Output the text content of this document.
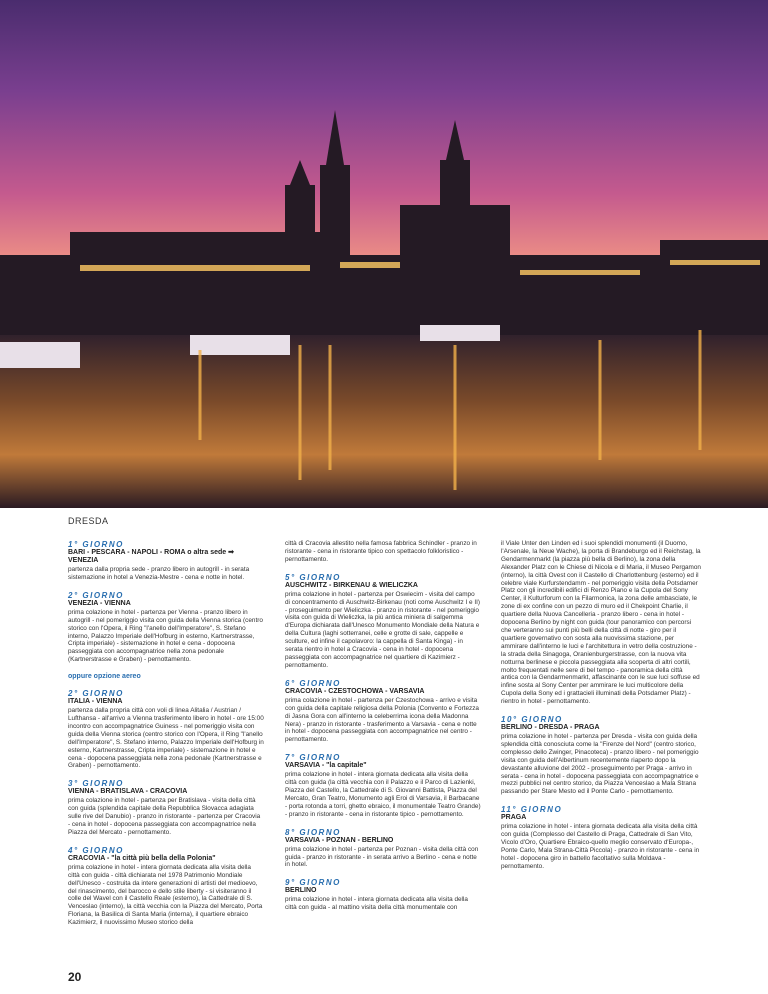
DRESDA
1° GIORNO
BARI - PESCARA - NAPOLI - ROMA o altra sede ➡ VENEZIA
partenza dalla propria sede - pranzo libero in autogrill - in serata sistemazione in hotel a Venezia-Mestre - cena e notte in hotel.
2° GIORNO
VENEZIA - VIENNA
prima colazione in hotel - partenza per Vienna - pranzo libero in autogrill - nel pomeriggio visita con guida della Vienna storica (centro storico con l'Opera, il Ring "l'anello dell'Imperatore", S. Stefano interno, Palazzo Imperiale dell'Hofburg in esterno, Kartnerstrasse, Cripta imperiale) - sistemazione in hotel e cena - dopocena passeggiata con accompagnatrice nella zona pedonale (Kartnerstrasse e Graben) - pernottamento.
oppure opzione aereo
2° GIORNO
ITALIA - VIENNA
partenza dalla propria città con voli di linea Alitalia / Austrian / Lufthansa - all'arrivo a Vienna trasferimento libero in hotel - ore 15:00 incontro con accompagnatrice Guiness - nel pomeriggio visita con guida della Vienna storica (centro storico con l'Opera, il Ring "l'anello dell'Imperatore", S. Stefano interno, Palazzo Imperiale dell'Hofburg in esterno, Kartnerstrasse, Cripta imperiale) - sistemazione in hotel e cena - dopocena passeggiata nella zona pedonale (Kartnerstrasse e Graben) - pernottamento.
3° GIORNO
VIENNA - BRATISLAVA - CRACOVIA
prima colazione in hotel - partenza per Bratislava - visita della città con guida (splendida capitale della Repubblica Slovacca adagiata sulle rive del Danubio) - pranzo in ristorante - partenza per Cracovia - cena in hotel - dopocena passeggiata con accompagnatrice nella Piazza del Mercato - pernottamento.
4° GIORNO
CRACOVIA - "la città più bella della Polonia"
prima colazione in hotel - intera giornata dedicata alla visita della città con guida - città dichiarata nel 1978 Patrimonio Mondiale dell'Unesco - costruita da intere generazioni di artisti del medioevo, del rinascimento, del barocco e dello stile liberty - si visiteranno il colle del Wavel con il Castello Reale (esterno), la Cattedrale di S. Venceslao (interno), la città vecchia con la Piazza del Mercato, Porta Floriana, la Basilica di Santa Maria (interna), il quartiere ebraico Kazimierz, il nuovissimo Museo storico della
città di Cracovia allestito nella famosa fabbrica Schindler - pranzo in ristorante - cena in ristorante tipico con spettacolo folkloristico - pernottamento.
5° GIORNO
AUSCHWITZ - BIRKENAU & WIELICZKA
prima colazione in hotel - partenza per Oswiecim - visita del campo di concentramento di Auschwitz-Birkenau (noti come Auschwitz I e II) - proseguimento per Wieliczka - pranzo in ristorante - nel pomeriggio visita con guida di Wieliczka, la più antica miniera di salgemma d'Europa dichiarata dall'Unesco Monumento Mondiale della Natura e della Cultura (laghi sotterranei, celle e grotte di sale, cappelle e sculture, ed infine il capolavoro: la cappella di Santa Kinga) - in serata rientro in hotel a Cracovia - cena in hotel - dopocena passeggiata con accompagnatrice nel quartiere di Kazimierz - pernottamento.
6° GIORNO
CRACOVIA - CZESTOCHOWA - VARSAVIA
prima colazione in hotel - partenza per Czestochowa - arrivo e visita con guida della capitale religiosa della Polonia (Convento e Fortezza di Jasna Gora con all'interno la celeberrima icona della Madonna Nera) - pranzo in ristorante - trasferimento a Varsavia - cena e notte in hotel - dopocena passeggiata con accompagnatrice nel centro - pernottamento.
7° GIORNO
VARSAVIA - "la capitale"
prima colazione in hotel - intera giornata dedicata alla visita della città con guida (la città vecchia con il Palazzo e il Parco di Lazienki, Piazza del Castello, la Cattedrale di S. Giovanni Battista, Piazza del Mercato, Gran Teatro, Monumento agli Eroi di Varsavia, il Barbacane - porta rotonda a torri, ghetto ebraico, il monumentale Teatro Grande) - pranzo in ristorante - cena in ristorante tipico - pernottamento.
8° GIORNO
VARSAVIA - POZNAN - BERLINO
prima colazione in hotel - partenza per Poznan - visita della città con guida - pranzo in ristorante - in serata arrivo a Berlino - cena e notte in hotel.
9° GIORNO
BERLINO
prima colazione in hotel - intera giornata dedicata alla visita della città con guida - al mattino visita della città monumentale con
il Viale Unter den Linden ed i suoi splendidi monumenti (il Duomo, l'Arsenale, la Neue Wache), la porta di Brandeburgo ed il Reichstag, la Gendarmenmarkt (la piazza più bella di Berlino), la zona della Alexander Platz con le Chiese di Nicola e di Maria, il Museo Pergamon (interno), la città Ovest con il Castello di Charlottenburg (esterno) ed il celebre viale Kurfurstendamm - nel pomeriggio visita della Potsdamer Platz con gli incredibili edifici di Renzo Piano e la Cupola del Sony Center, il Kulturforum con la Filarmonica, la zona delle ambasciate, le zone di ex confine con un pezzo di muro ed il Chekpoint Charlie, il quartiere della Nuova Cancelleria - pranzo libero - cena in hotel - dopocena Berlino by night con guida (tour panoramico con percorsi che verteranno sui punti più belli della città di notte - giro per il quartiere governativo con sosta alla nuovissima stazione, per ammirare dall'interno le luci e l'architettura in vetro della costruzione - la strada della Sinagoga, Oranienburgerstrasse, con la nuova vita notturna berlinese e piccola passeggiata alla scoperta di altri cortili, molto frequentati nelle sere di bel tempo - panoramica della città antica con la Gendarmenmarkt, affascinante con le sue luci soffuse ed infine sosta al Sony Center per ammirare le luci multicolore della Cupola della Sony ed i grattacieli illuminati della Potsdamer Platz) - rientro in hotel - pernottamento.
10° GIORNO
BERLINO - DRESDA - PRAGA
prima colazione in hotel - partenza per Dresda - visita con guida della splendida città conosciuta come la "Firenze del Nord" (centro storico, complesso dello Zwinger, Pinacoteca) - pranzo libero - nel pomeriggio visita con guida dell'Albertinum recentemente riaperto dopo la devastante alluvione del 2002 - proseguimento per Praga - arrivo in serata - cena in hotel - dopocena passeggiata con accompagnatrice e mezzi pubblici nel centro storico, da Piazza Venceslao a Mala Strana passando per Stare Mesto ed il Ponte Carlo - pernottamento.
11° GIORNO
PRAGA
prima colazione in hotel - intera giornata dedicata alla visita della città con guida (Complesso del Castello di Praga, Cattedrale di San Vito, Vicolo d'Oro, Quartiere Ebraico-quello meglio conservato d'Europa-, Ponte Carlo, Mala Strana-Città Piccola) - pranzo in ristorante - cena in hotel - dopocena giro in battello facoltativo sulla Moldava - pernottamento.
20
